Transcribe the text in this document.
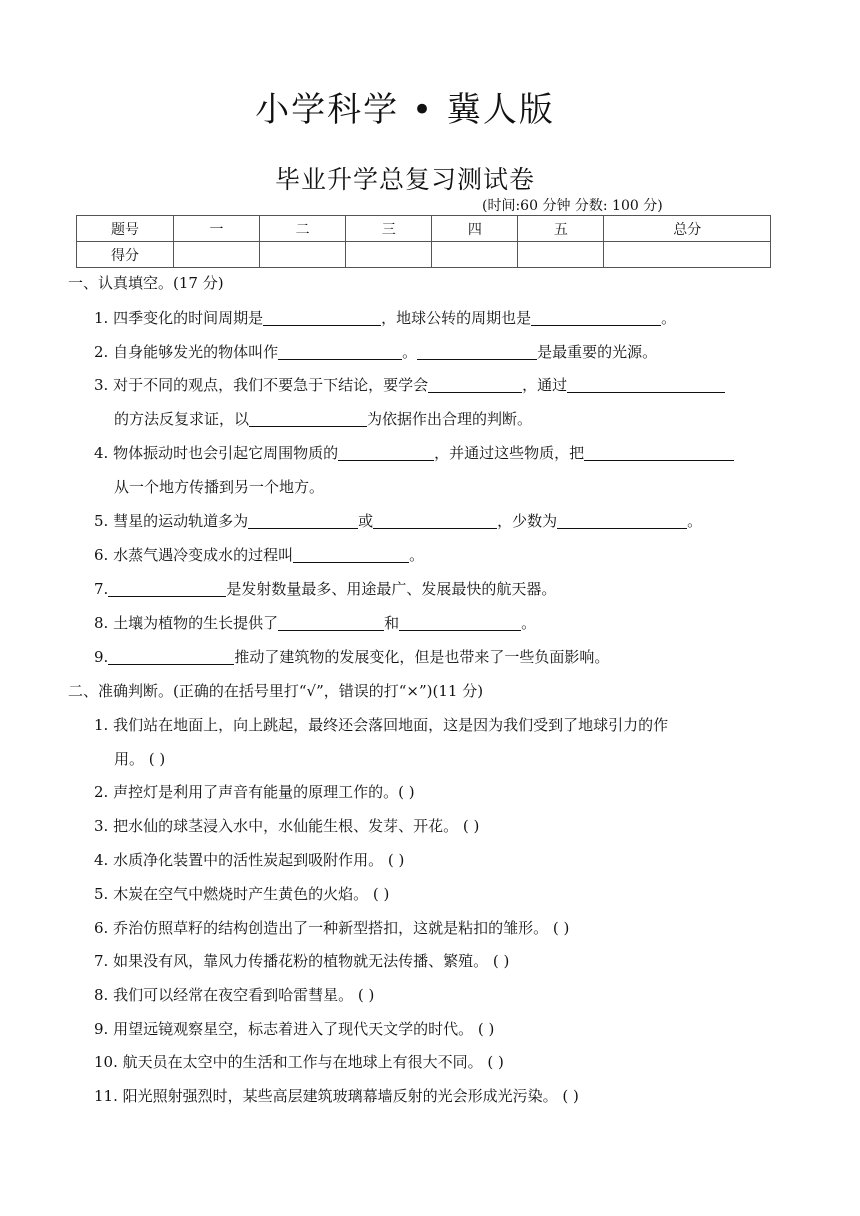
小学科学 • 冀人版
毕业升学总复习测试卷
(时间:60 分钟 分数: 100 分)
题号	一	二	三	四	五	总分
得分						
一、认真填空。(17 分)
1. 四季变化的时间周期是	，地球公转的周期也是	。
2. 自身能够发光的物体叫作	。	是最重要的光源。
3. 对于不同的观点，我们不要急于下结论，要学会	，通过
的方法反复求证，以	为依据作出合理的判断。
4. 物体振动时也会引起它周围物质的	，并通过这些物质，把
从一个地方传播到另一个地方。
5. 彗星的运动轨道多为	或	，少数为	。
6. 水蒸气遇冷变成水的过程叫	。
7.	是发射数量最多、用途最广、发展最快的航天器。
8. 土壤为植物的生长提供了	和	。
9.	推动了建筑物的发展变化，但是也带来了一些负面影响。
二、准确判断。(正确的在括号里打“√”，错误的打“×”)(11 分)
1. 我们站在地面上，向上跳起，最终还会落回地面，这是因为我们受到了地球引力的作
用。 ( )
2. 声控灯是利用了声音有能量的原理工作的。( )
3. 把水仙的球茎浸入水中，水仙能生根、发芽、开花。 ( )
4. 水质净化装置中的活性炭起到吸附作用。 ( )
5. 木炭在空气中燃烧时产生黄色的火焰。 ( )
6. 乔治仿照草籽的结构创造出了一种新型搭扣，这就是粘扣的雏形。 ( )
7. 如果没有风，靠风力传播花粉的植物就无法传播、繁殖。 ( )
8. 我们可以经常在夜空看到哈雷彗星。 ( )
9. 用望远镜观察星空，标志着进入了现代天文学的时代。 ( )
10. 航天员在太空中的生活和工作与在地球上有很大不同。 ( )
11. 阳光照射强烈时，某些高层建筑玻璃幕墙反射的光会形成光污染。 ( )
